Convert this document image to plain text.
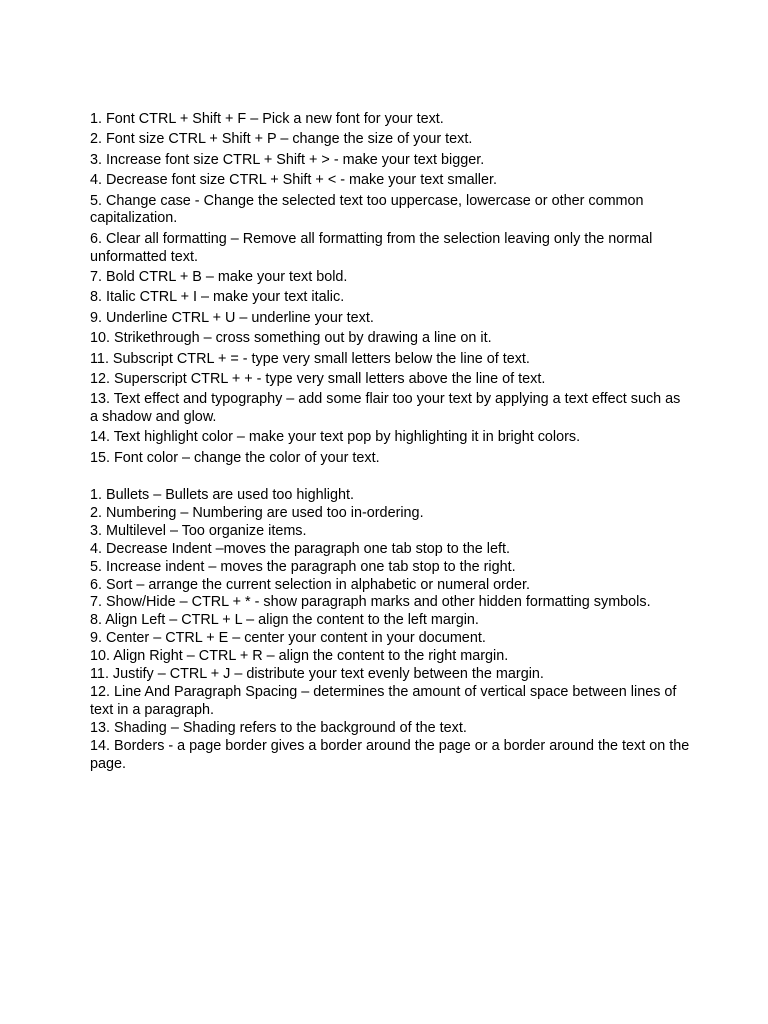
1. Font CTRL + Shift + F – Pick a new font for your text.
2. Font size CTRL + Shift + P – change the size of your text.
3. Increase font size CTRL + Shift + > - make your text bigger.
4. Decrease font size CTRL + Shift + < - make your text smaller.
5. Change case - Change the selected text too uppercase, lowercase or other common capitalization.
6. Clear all formatting – Remove all formatting from the selection leaving only the normal unformatted text.
7. Bold CTRL + B – make your text bold.
8. Italic CTRL + I – make your text italic.
9. Underline CTRL + U – underline your text.
10. Strikethrough – cross something out by drawing a line on it.
11. Subscript CTRL + = - type very small letters below the line of text.
12. Superscript CTRL + + - type very small letters above the line of text.
13. Text effect and typography – add some flair too your text by applying a text effect such as a shadow and glow.
14. Text highlight color – make your text pop by highlighting it in bright colors.
15. Font color – change the color of your text.
1. Bullets – Bullets are used too highlight.
2. Numbering – Numbering are used too in-ordering.
3. Multilevel – Too organize items.
4. Decrease Indent –moves the paragraph one tab stop to the left.
5. Increase indent – moves the paragraph one tab stop to the right.
6. Sort – arrange the current selection in alphabetic or numeral order.
7. Show/Hide – CTRL + * - show paragraph marks and other hidden formatting symbols.
8. Align Left – CTRL + L – align the content to the left margin.
9. Center – CTRL + E – center your content in your document.
10. Align Right – CTRL + R – align the content to the right margin.
11. Justify – CTRL + J – distribute your text evenly between the margin.
12. Line And Paragraph Spacing – determines the amount of vertical space between lines of text in a paragraph.
13. Shading – Shading refers to the background of the text.
14. Borders - a page border gives a border around the page or a border around the text on the page.
